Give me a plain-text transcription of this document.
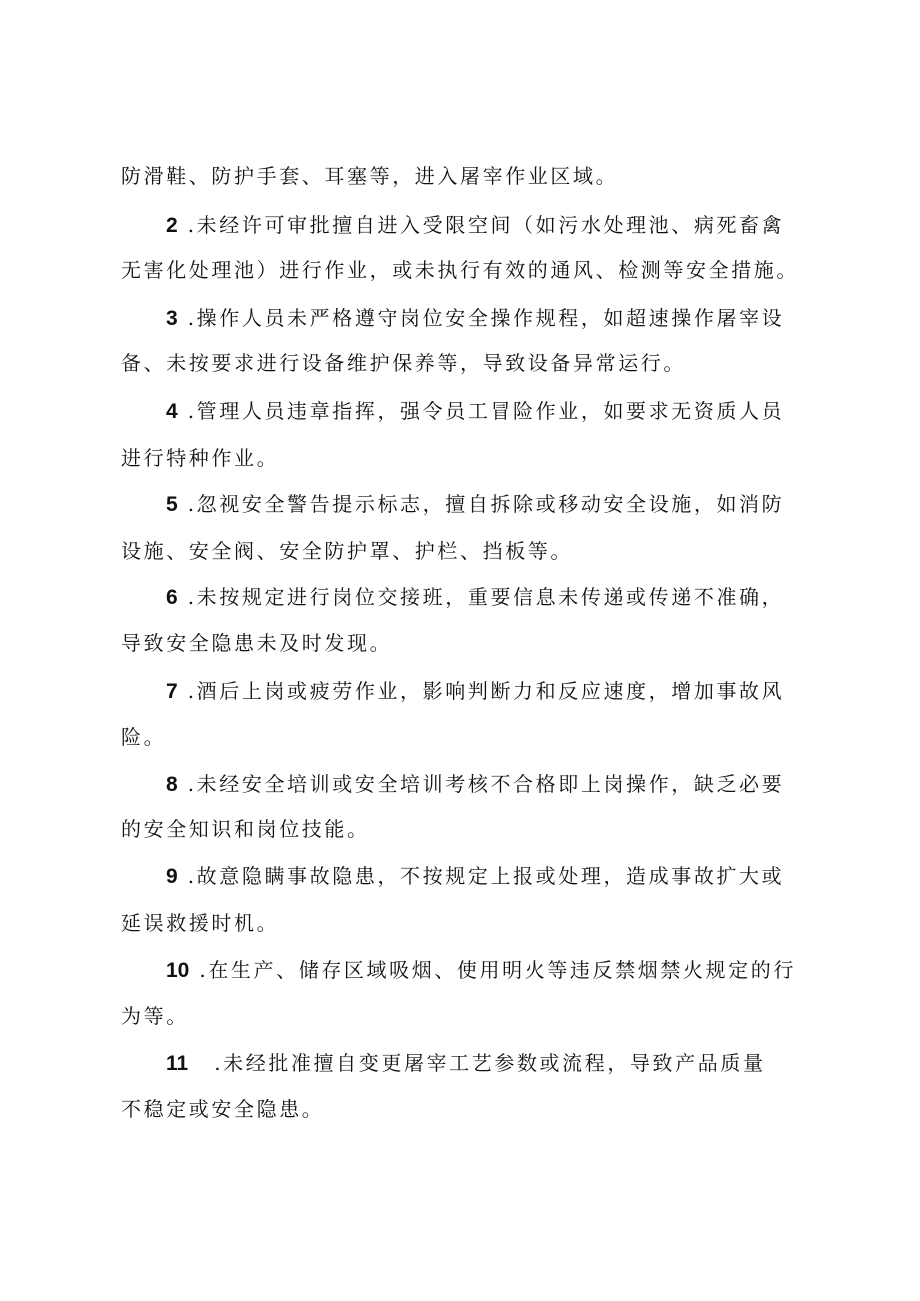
防滑鞋、防护手套、耳塞等，进入屠宰作业区域。
2 .未经许可审批擅自进入受限空间（如污水处理池、病死畜禽
无害化处理池）进行作业，或未执行有效的通风、检测等安全措施。
3 .操作人员未严格遵守岗位安全操作规程，如超速操作屠宰设
备、未按要求进行设备维护保养等，导致设备异常运行。
4 .管理人员违章指挥，强令员工冒险作业，如要求无资质人员
进行特种作业。
5 .忽视安全警告提示标志，擅自拆除或移动安全设施，如消防
设施、安全阀、安全防护罩、护栏、挡板等。
6 .未按规定进行岗位交接班，重要信息未传递或传递不准确，
导致安全隐患未及时发现。
7 .酒后上岗或疲劳作业，影响判断力和反应速度，增加事故风
险。
8 .未经安全培训或安全培训考核不合格即上岗操作，缺乏必要
的安全知识和岗位技能。
9 .故意隐瞒事故隐患，不按规定上报或处理，造成事故扩大或
延误救援时机。
10 .在生产、储存区域吸烟、使用明火等违反禁烟禁火规定的行
为等。
11 .未经批准擅自变更屠宰工艺参数或流程，导致产品质量
不稳定或安全隐患。
